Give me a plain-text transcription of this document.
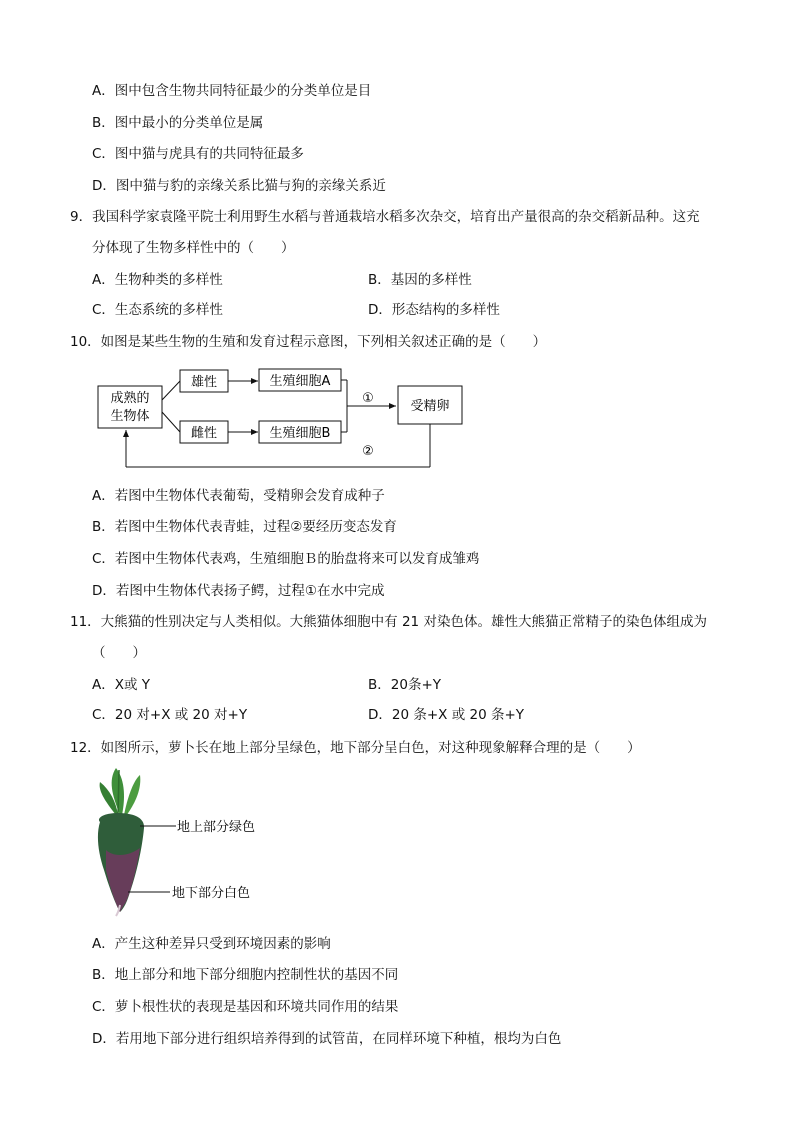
A．图中包含生物共同特征最少的分类单位是目
B．图中最小的分类单位是属
C．图中猫与虎具有的共同特征最多
D．图中猫与豹的亲缘关系比猫与狗的亲缘关系近
9．我国科学家袁隆平院士利用野生水稻与普通栽培水稻多次杂交，培育出产量很高的杂交稻新品种。这充
分体现了生物多样性中的（　　）
A．生物种类的多样性	B．基因的多样性
C．生态系统的多样性	D．形态结构的多样性
10．如图是某些生物的生殖和发育过程示意图，下列相关叙述正确的是（　　）
成熟的
生物体
雄性
雌性
生殖细胞A
生殖细胞B
①
受精卵
②
A．若图中生物体代表葡萄，受精卵会发育成种子
B．若图中生物体代表青蛙，过程②要经历变态发育
C．若图中生物体代表鸡，生殖细胞Ｂ的胎盘将来可以发育成雏鸡
D．若图中生物体代表扬子鳄，过程①在水中完成
11．大熊猫的性别决定与人类相似。大熊猫体细胞中有 21 对染色体。雄性大熊猫正常精子的染色体组成为
（　　）
A．X或 Y	B．20条+Y
C．20 对+X 或 20 对+Y	D．20 条+X 或 20 条+Y
12．如图所示，萝卜长在地上部分呈绿色，地下部分呈白色，对这种现象解释合理的是（　　）
地上部分绿色
地下部分白色
A．产生这种差异只受到环境因素的影响
B．地上部分和地下部分细胞内控制性状的基因不同
C．萝卜根性状的表现是基因和环境共同作用的结果
D．若用地下部分进行组织培养得到的试管苗，在同样环境下种植，根均为白色
